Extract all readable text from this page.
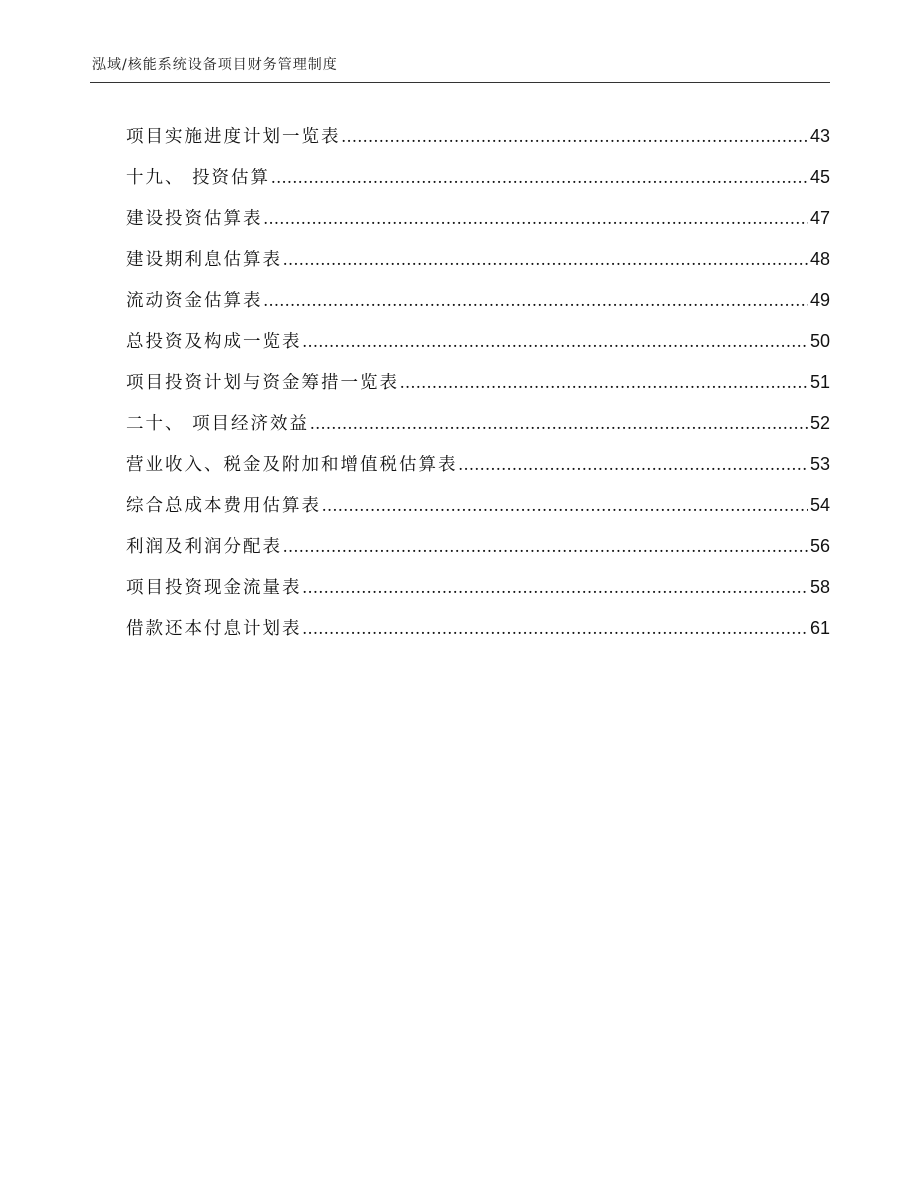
泓域/核能系统设备项目财务管理制度
项目实施进度计划一览表 .....	43
十九、 投资估算 .....	45
建设投资估算表 .....	47
建设期利息估算表 .....	48
流动资金估算表 .....	49
总投资及构成一览表 .....	50
项目投资计划与资金筹措一览表 .....	51
二十、 项目经济效益 .....	52
营业收入、税金及附加和增值税估算表 .....	53
综合总成本费用估算表 .....	54
利润及利润分配表 .....	56
项目投资现金流量表 .....	58
借款还本付息计划表 .....	61
